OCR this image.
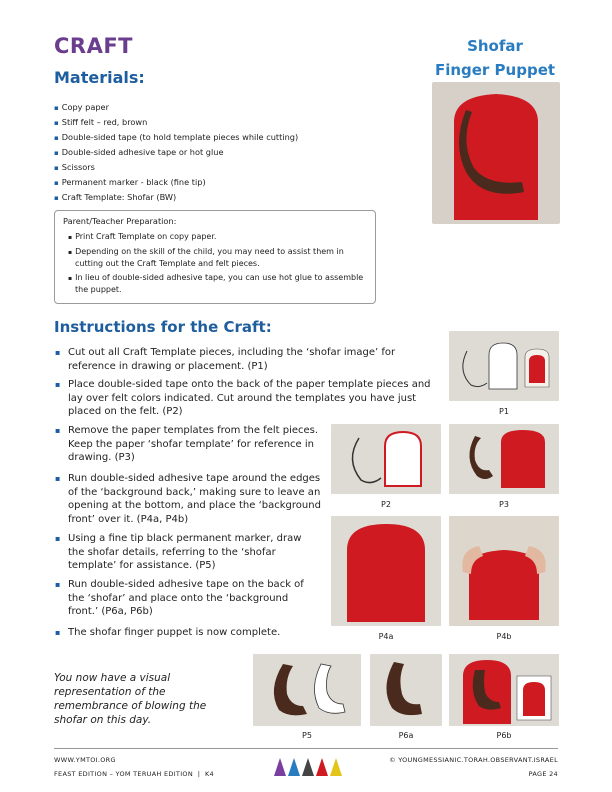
CRAFT
Materials:
▪ Copy paper
▪ Stiff felt – red, brown
▪ Double-sided tape (to hold template pieces while cutting)
▪ Double-sided adhesive tape or hot glue
▪ Scissors
▪ Permanent marker - black (fine tip)
▪ Craft Template: Shofar (BW)
Shofar
Finger Puppet
Parent/Teacher Preparation:
▪ Print Craft Template on copy paper.
▪ Depending on the skill of the child, you may need to assist them in cutting out the Craft Template and felt pieces.
▪ In lieu of double-sided adhesive tape, you can use hot glue to assemble the puppet.
Instructions for the Craft:
▪ Cut out all Craft Template pieces, including the ‘shofar image’ for reference in drawing or placement. (P1)
▪ Place double-sided tape onto the back of the paper template pieces and lay over felt colors indicated. Cut around the templates you have just placed on the felt. (P2)
▪ Remove the paper templates from the felt pieces. Keep the paper ‘shofar template’ for reference in drawing. (P3)
▪ Run double-sided adhesive tape around the edges of the ‘background back,’ making sure to leave an opening at the bottom, and place the ‘background front’ over it. (P4a, P4b)
▪ Using a fine tip black permanent marker, draw the shofar details, referring to the ‘shofar template’ for assistance. (P5)
▪ Run double-sided adhesive tape on the back of the ‘shofar’ and place onto the ‘background front.’ (P6a, P6b)
▪ The shofar finger puppet is now complete.
P1
P2	P3
P4a	P4b
P5	P6a	P6b
You now have a visual representation of the remembrance of blowing the shofar on this day.
WWW.YMTOI.ORG
FEAST EDITION – YOM TERUAH EDITION  |  K4
© YOUNGMESSIANIC.TORAH.OBSERVANT.ISRAEL
PAGE 24
